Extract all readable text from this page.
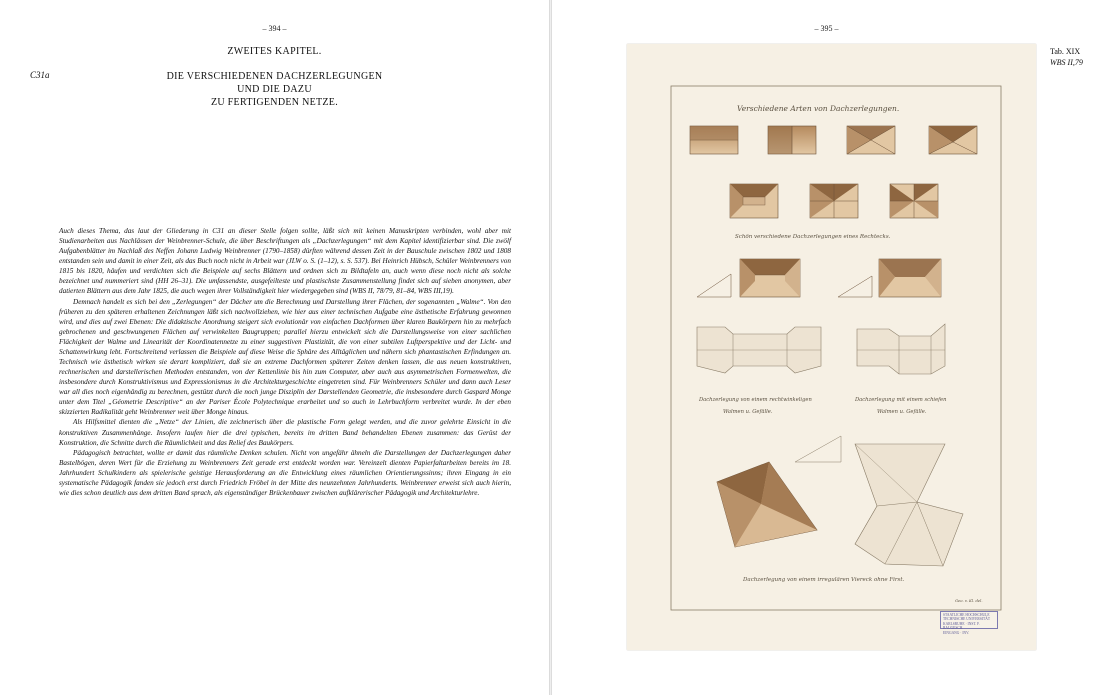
– 394 –
ZWEITES KAPITEL.
DIE VERSCHIEDENEN DACHZERLEGUNGEN
UND DIE DAZU
ZU FERTIGENDEN NETZE.
C31a

Auch dieses Thema, das laut der Gliederung in C31 an dieser Stelle folgen sollte, läßt sich mit keinen Manuskripten verbinden, wohl aber mit Studienarbeiten aus Nachlässen der Weinbrenner-Schule, die über Beschriftungen als „Dachzerlegungen“ mit dem Kapitel identifizierbar sind. Die zwölf Aufgabenblätter im Nachlaß des Neffen Johann Ludwig Weinbrenner (1790–1858) dürften während dessen Zeit in der Bauschule zwischen 1802 und 1808 entstanden sein und damit in einer Zeit, als das Buch noch nicht in Arbeit war (JLW o. S. (1–12), s. S. 537). Bei Heinrich Hübsch, Schüler Weinbrenners von 1815 bis 1820, häufen und verdichten sich die Beispiele auf sechs Blättern und ordnen sich zu Bildtafeln an, auch wenn diese noch nicht als solche bezeichnet und nummeriert sind (HH 26–31). Die umfassendste, ausgefeilteste und plastischste Zusammenstellung findet sich auf sieben anonymen, aber datierten Blättern aus dem Jahr 1825, die auch wegen ihrer Vollständigkeit hier wiedergegeben sind (WBS II, 78/79, 81–84, WBS III,19).

Demnach handelt es sich bei den „Zerlegungen“ der Dächer um die Berechnung und Darstellung ihrer Flächen, der sogenannten „Walme“. Von den früheren zu den späteren erhaltenen Zeichnungen läßt sich nachvollziehen, wie hier aus einer technischen Aufgabe eine ästhetische Erfahrung gewonnen wird, und dies auf zwei Ebenen: Die didaktische Anordnung steigert sich evolutionär von einfachen Dachformen über klaren Baukörpern hin zu mehrfach gebrochenen und geschwungenen Flächen auf verwinkelten Baugruppen; parallel hierzu entwickelt sich die Darstellungsweise von einer sachlichen Flächigkeit der Walme und Linearität der Koordinatennetze zu einer suggestiven Plastizität, die von einer subtilen Luftperspektive und der Licht- und Schattenwirkung lebt. Fortschreitend verlassen die Beispiele auf diese Weise die Sphäre des Alltäglichen und nähern sich phantastischen Erfindungen an. Technisch wie ästhetisch wirken sie derart kompliziert, daß sie an extreme Dachformen späterer Zeiten denken lassen, die aus neuen konstruktiven, rechnerischen und darstellerischen Methoden entstanden, von der Kettenlinie bis hin zum Computer, aber auch aus asymmetrischen Formenwelten, die insbesondere durch Konstruktivismus und Expressionismus in die Architekturgeschichte eingetreten sind. Für Weinbrenners Schüler und dann auch Leser war all dies noch eigenhändig zu berechnen, gestützt durch die noch junge Disziplin der Darstellenden Geometrie, die insbesondere durch Gaspard Monge unter dem Titel „Géometrie Descriptive“ an der Pariser École Polytechnique erarbeitet und so auch in Lehrbuchform verbreitet wurde. In der eben skizzierten Radikalität geht Weinbrenner weit über Monge hinaus.

Als Hilfsmittel dienten die „Netze“ der Linien, die zeichnerisch über die plastische Form gelegt werden, und die zuvor gelehrte Einsicht in die konstruktiven Zusammenhänge. Insofern laufen hier die drei typischen, bereits im dritten Band behandelten Ebenen zusammen: das Gerüst der Konstruktion, die Schnitte durch die Räumlichkeit und das Relief des Baukörpers.

Pädagogisch betrachtet, wollte er damit das räumliche Denken schulen. Nicht von ungefähr ähneln die Darstellungen der Dachzerlegungen daher Bastelbögen, deren Wert für die Erziehung zu Weinbrenners Zeit gerade erst entdeckt worden war. Vereinzelt dienten Papierfaltarbeiten bereits im 18. Jahrhundert Schulkindern als spielerische geistige Herausforderung an die Entwicklung eines räumlichen Orientierungssinns; ihren Eingang in ein systematische Pädagogik fanden sie jedoch erst durch Friedrich Fröbel in der Mitte des neunzehnten Jahrhunderts. Weinbrenner erweist sich auch hierin, wie dies schon deutlich aus dem dritten Band sprach, als eigenständiger Brückenbauer zwischen aufklärerischer Pädagogik und Architekturlehre.

– 395 –
Tab. XIX
WBS II,79
Verschiedene Arten von Dachzerlegungen.
Schön verschiedene Dachzerlegungen eines Rechtecks.
Dachzerlegung von einem rechtwinkeligen
Walmen u. Gefälle.
Dachzerlegung mit einem schiefen
Walmen u. Gefälle.
Dachzerlegung von einem irregulären Viereck ohne First.
Geo. v. Kl. del.
STAATLICHE HOCHSCHULE
TECHNISCHE UNIVERSITÄT
KARLSRUHE · INST. F. BAUGESCH.
EINGANG · INV.
